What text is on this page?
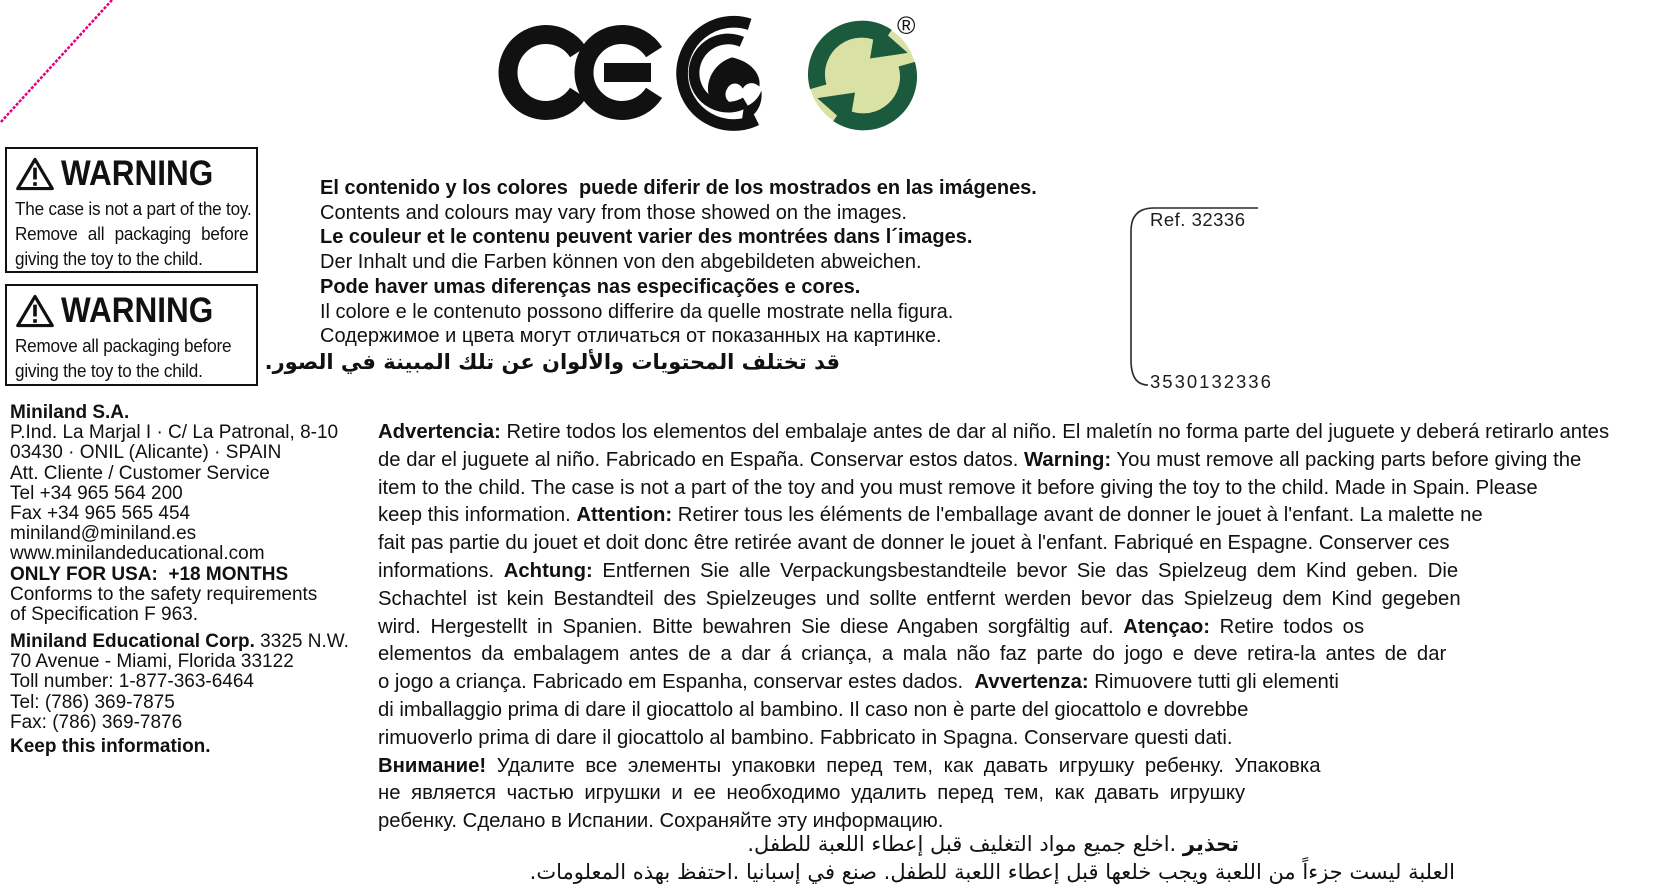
®
WARNING
The case is not a part of the toy.
Remove all packaging before
giving the toy to the child.
WARNING
Remove all packaging before
giving the toy to the child.
El contenido y los colores  puede diferir de los mostrados en las imágenes.
Contents and colours may vary from those showed on the images.
Le couleur et le contenu peuvent varier des montrées dans l´images.
Der Inhalt und die Farben können von den abgebildeten abweichen.
Pode haver umas diferenças nas especificações e cores.
Il colore e le contenuto possono differire da quelle mostrate nella figura.
Содержимое и цвета могут отличаться от показанных на картинке.
قد تختلف المحتويات والألوان عن تلك المبينة في الصور.
Ref. 32336
3530132336
Miniland S.A.
P.Ind. La Marjal I · C/ La Patronal, 8-10
03430 · ONIL (Alicante) · SPAIN
Att. Cliente / Customer Service
Tel +34 965 564 200
Fax +34 965 565 454
miniland@miniland.es
www.minilandeducational.com
ONLY FOR USA:  +18 MONTHS
Conforms to the safety requirements
of Specification F 963.
Miniland Educational Corp. 3325 N.W.
70 Avenue - Miami, Florida 33122
Toll number: 1-877-363-6464
Tel: (786) 369-7875
Fax: (786) 369-7876
Keep this information.
Advertencia: Retire todos los elementos del embalaje antes de dar al niño. El maletín no forma parte del juguete y deberá retirarlo antes
de dar el juguete al niño. Fabricado en España. Conservar estos datos. Warning: You must remove all packing parts before giving the
item to the child. The case is not a part of the toy and you must remove it before giving the toy to the child. Made in Spain. Please
keep this information. Attention: Retirer tous les éléments de l'emballage avant de donner le jouet à l'enfant. La malette ne
fait pas partie du jouet et doit donc être retirée avant de donner le jouet à l'enfant. Fabriqué en Espagne. Conserver ces
informations. Achtung: Entfernen Sie alle Verpackungsbestandteile bevor Sie das Spielzeug dem Kind geben. Die
Schachtel ist kein Bestandteil des Spielzeuges und sollte entfernt werden bevor das Spielzeug dem Kind gegeben
wird. Hergestellt in Spanien. Bitte bewahren Sie diese Angaben sorgfältig auf. Atençao: Retire todos os
elementos da embalagem antes de a dar á criança, a mala não faz parte do jogo e deve retira-la antes de dar
o jogo a criança. Fabricado em Espanha, conservar estes dados.  Avvertenza: Rimuovere tutti gli elementi
di imballaggio prima di dare il giocattolo al bambino. Il caso non è parte del giocattolo e dovrebbe
rimuoverlo prima di dare il giocattolo al bambino. Fabbricato in Spagna. Conservare questi dati.
Внимание! Удалите все элементы упаковки перед тем, как давать игрушку ребенку. Упаковка
не является частью игрушки и ее необходимо удалить перед тем, как давать игрушку
ребенку. Сделано в Испании. Сохраняйте эту информацию.
تحذير .اخلع جميع مواد التغليف قبل إعطاء اللعبة للطفل.
العلبة ليست جزءاً من اللعبة ويجب خلعها قبل إعطاء اللعبة للطفل. صنع في إسبانيا .احتفظ بهذه المعلومات.
